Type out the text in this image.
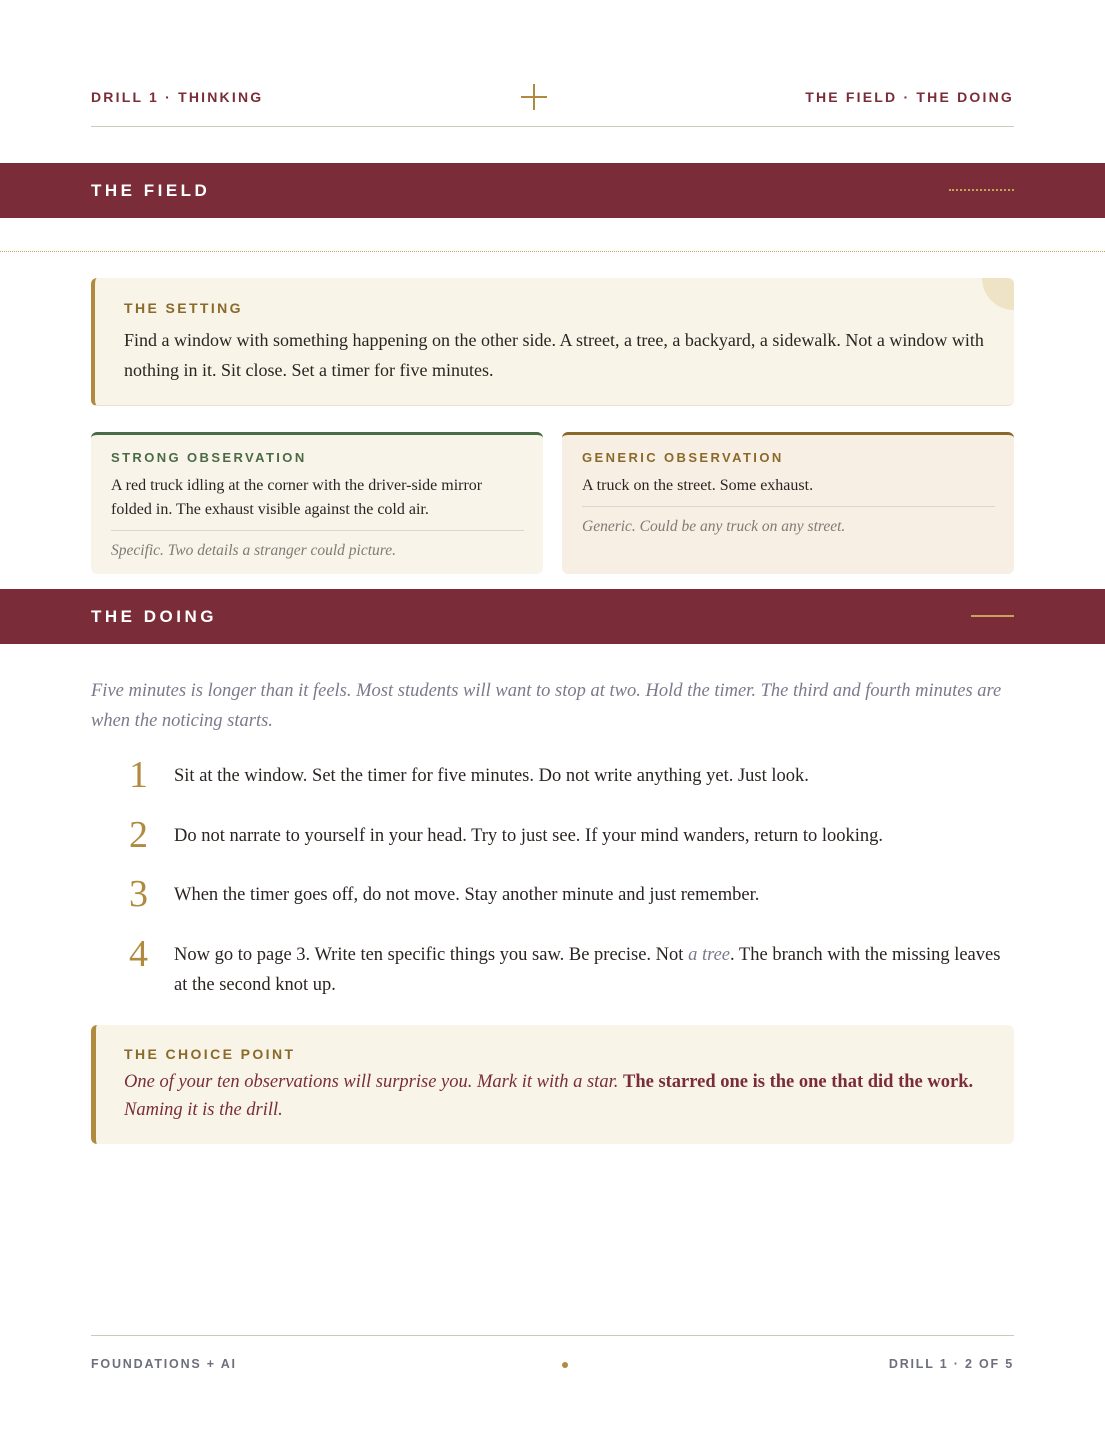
DRILL 1 · THINKING	THE FIELD · THE DOING
THE FIELD
THE SETTING
Find a window with something happening on the other side. A street, a tree, a backyard, a sidewalk. Not a window with nothing in it. Sit close. Set a timer for five minutes.
STRONG OBSERVATION
A red truck idling at the corner with the driver-side mirror folded in. The exhaust visible against the cold air.
Specific. Two details a stranger could picture.
GENERIC OBSERVATION
A truck on the street. Some exhaust.
Generic. Could be any truck on any street.
THE DOING
Five minutes is longer than it feels. Most students will want to stop at two. Hold the timer. The third and fourth minutes are when the noticing starts.
1 Sit at the window. Set the timer for five minutes. Do not write anything yet. Just look.
2 Do not narrate to yourself in your head. Try to just see. If your mind wanders, return to looking.
3 When the timer goes off, do not move. Stay another minute and just remember.
4 Now go to page 3. Write ten specific things you saw. Be precise. Not a tree. The branch with the missing leaves at the second knot up.
THE CHOICE POINT
One of your ten observations will surprise you. Mark it with a star. The starred one is the one that did the work. Naming it is the drill.
FOUNDATIONS + AI	DRILL 1 · 2 OF 5
